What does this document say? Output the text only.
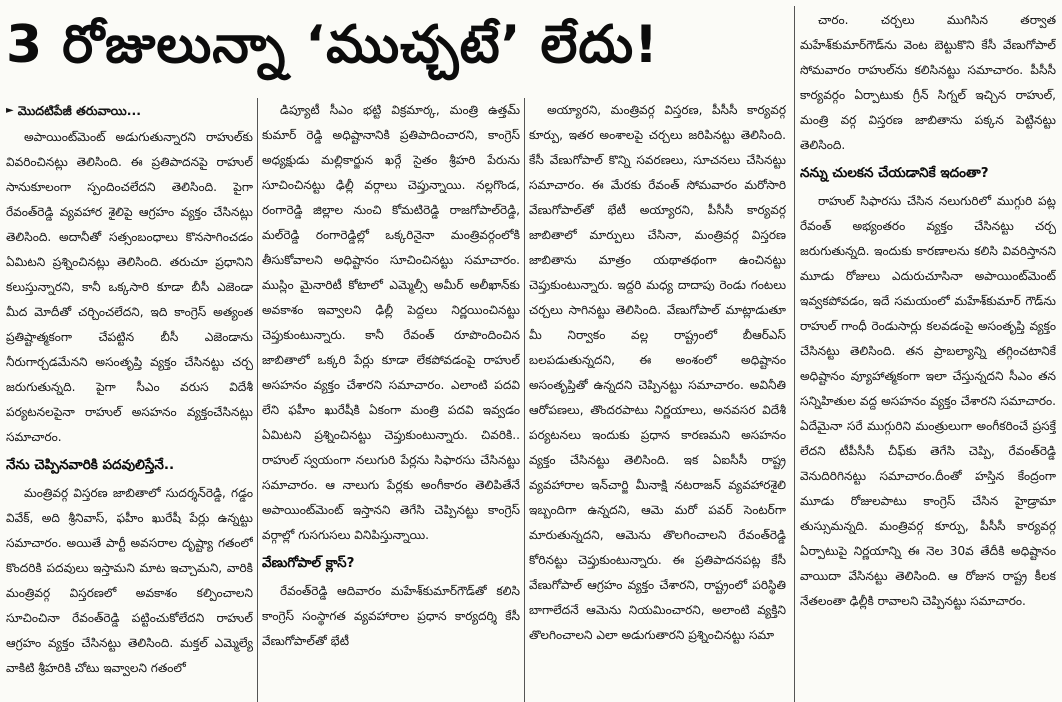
3 రోజులున్నా ‘ముచ్చటే’ లేదు!
► మొదటిపేజీ తరువాయి...

అపాయింట్‌మెంట్ అడుగుతున్నారని రాహుల్‌కు వివరించినట్లు తెలిసింది. ఈ ప్రతిపాదనపై రాహుల్ సానుకూలంగా స్పందించలేదని తెలిసింది. పైగా రేవంత్‌రెడ్డి వ్యవహార శైలిపై ఆగ్రహం వ్యక్తం చేసినట్లు తెలిసింది. అదానీతో సత్సంబంధాలు కొనసాగించడం ఏమిటని ప్రశ్నించినట్లు తెలిసింది. తరుచూ ప్రధానిని కలుస్తున్నారని, కానీ ఒక్కసారి కూడా బీసీ ఎజెండా మీద మోదీతో చర్చించలేదని, ఇది కాంగ్రెస్ అత్యంత ప్రతిష్టాత్మకంగా చేపట్టిన బీసీ ఎజెండాను నీరుగార్చడమేనని అసంతృప్తి వ్యక్తం చేసినట్టు చర్చ జరుగుతున్నది. పైగా సీఎం వరుస విదేశీ పర్యటనలపైనా రాహుల్ అసహనం వ్యక్తంచేసినట్లు సమాచారం.

నేను చెప్పినవారికి పదవులిస్తేనే..

మంత్రివర్గ విస్తరణ జాబితాలో సుదర్శన్‌రెడ్డి, గడ్డం వివేక్, అది శ్రీనివాస్, ఫహీం ఖురేషీ పేర్లు ఉన్నట్టు సమాచారం. అయితే పార్టీ అవసరాల దృష్ట్యా గతంలో కొందరికి పదవులు ఇస్తామని మాట ఇచ్చామని, వారికి మంత్రివర్గ విస్తరణలో అవకాశం కల్పించాలని సూచించినా రేవంత్‌రెడ్డి పట్టించుకోలేదని రాహుల్ ఆగ్రహం వ్యక్తం చేసినట్టు తెలిసింది. మక్తల్ ఎమ్మెల్యే వాకిటి శ్రీహరికి చోటు ఇవ్వాలని గతంలో

డిప్యూటీ సీఎం భట్టి విక్రమార్క, మంత్రి ఉత్తమ్ కుమార్ రెడ్డి అధిష్టానానికి ప్రతిపాదించారని, కాంగ్రెస్ అధ్యక్షుడు మల్లికార్జున ఖర్గే సైతం శ్రీహరి పేరును సూచించినట్టు ఢిల్లీ వర్గాలు చెప్తున్నాయి. నల్లగొండ, రంగారెడ్డి జిల్లాల నుంచి కోమటిరెడ్డి రాజగోపాల్‌రెడ్డి, మల్‌రెడ్డి రంగారెడ్డిల్లో ఒక్కరినైనా మంత్రివర్గంలోకి తీసుకోవాలని అధిష్టానం సూచించినట్టు సమాచారం. ముస్లిం మైనారిటీ కోటాలో ఎమ్మెల్సీ అమీర్ అలీఖాన్‌కు అవకాశం ఇవ్వాలని ఢిల్లీ పెద్దలు నిర్ణయించినట్టు చెప్తుకుంటున్నారు. కానీ రేవంత్ రూపొందించిన జాబితాలో ఒక్కరి పేర్లు కూడా లేకపోవడంపై రాహుల్ అసహనం వ్యక్తం చేశారని సమాచారం. ఎలాంటి పదవి లేని ఫహీం ఖురేషీకి ఏకంగా మంత్రి పదవి ఇవ్వడం ఏమిటని ప్రశ్నించినట్టు చెప్తుకుంటున్నారు. చివరికి.. రాహుల్ స్వయంగా నలుగురి పేర్లను సిఫారసు చేసినట్టు సమాచారం. ఆ నాలుగు పేర్లకు అంగీకారం తెలిపితేనే అపాయింట్‌మెంట్ ఇస్తానని తెగేసి చెప్పినట్టు కాంగ్రెస్ వర్గాల్లో గుసగుసలు వినిపిస్తున్నాయి.

వేణుగోపాల్ క్లాస్?

రేవంత్‌రెడ్డి ఆదివారం మహేశ్‌కుమార్‌గౌడ్‌తో కలిసి కాంగ్రెస్ సంస్థాగత వ్యవహారాల ప్రధాన కార్యదర్శి కేసీ వేణుగోపాల్‌తో భేటీ

అయ్యారని, మంత్రివర్గ విస్తరణ, పీసీసీ కార్యవర్గ కూర్పు, ఇతర అంశాలపై చర్చలు జరిపినట్టు తెలిసింది. కేసీ వేణుగోపాల్ కొన్ని సవరణలు, సూచనలు చేసినట్టు సమాచారం. ఈ మేరకు రేవంత్ సోమవారం మరోసారి వేణుగోపాల్‌తో భేటీ అయ్యారని, పీసీసీ కార్యవర్గ జాబితాలో మార్పులు చేసినా, మంత్రివర్గ విస్తరణ జాబితాను మాత్రం యథాతథంగా ఉంచినట్టు చెప్తుకుంటున్నారు. ఇద్దరి మధ్య దాదాపు రెండు గంటలు చర్చలు సాగినట్టు తెలిసింది. వేణుగోపాల్ మాట్లాడుతూ మీ నిర్వాకం వల్ల రాష్ట్రంలో బీఆర్ఎస్ బలపడుతున్నదని, ఈ అంశంలో అధిష్టానం అసంతృప్తితో ఉన్నదని చెప్పినట్టు సమాచారం. అవినీతి ఆరోపణలు, తొందరపాటు నిర్ణయాలు, అనవసర విదేశీ పర్యటనలు ఇందుకు ప్రధాన కారణమని అసహనం వ్యక్తం చేసినట్టు తెలిసింది. ఇక ఏఐసీసీ రాష్ట్ర వ్యవహారాల ఇన్‌చార్జి మీనాక్షి నటరాజన్ వ్యవహారశైలి ఇబ్బందిగా ఉన్నదని, ఆమె మరో పవర్ సెంటర్‌గా మారుతున్నదని, ఆమెను తొలగించాలని రేవంత్‌రెడ్డి కోరినట్టు చెప్తుకుంటున్నారు. ఈ ప్రతిపాదనపట్ల కేసీ వేణుగోపాల్ ఆగ్రహం వ్యక్తం చేశారని, రాష్ట్రంలో పరిస్థితి బాగాలేదనే ఆమెను నియమించారని, అలాంటి వ్యక్తిని తొలగించాలని ఎలా అడుగుతారని ప్రశ్నించినట్టు సమా

చారం. చర్చలు ముగిసిన తర్వాత మహేశ్‌కుమార్‌గౌడ్‌ను వెంట బెట్టుకొని కేసీ వేణుగోపాల్ సోమవారం రాహుల్‌ను కలిసినట్టు సమాచారం. పీసీసీ కార్యవర్గం ఏర్పాటుకు గ్రీన్ సిగ్నల్ ఇచ్చిన రాహుల్, మంత్రి వర్గ విస్తరణ జాబితాను పక్కన పెట్టినట్టు తెలిసింది.

నన్ను చులకన చేయడానికే ఇదంతా?

రాహుల్ సిఫారసు చేసిన నలుగురిలో ముగ్గురి పట్ల రేవంత్ అభ్యంతరం వ్యక్తం చేసినట్టు చర్చ జరుగుతున్నది. ఇందుకు కారణాలను కలిసి వివరిస్తానని మూడు రోజులు ఎదురుచూసినా అపాయింట్‌మెంట్ ఇవ్వకపోవడం, ఇదే సమయంలో మహేశ్‌కుమార్ గౌడ్‌ను రాహుల్ గాంధీ రెండుసార్లు కలవడంపై అసంతృప్తి వ్యక్తం చేసినట్టు తెలిసింది. తన ప్రాబల్యాన్ని తగ్గించటానికే అధిష్టానం వ్యూహాత్మకంగా ఇలా చేస్తున్నదని సీఎం తన సన్నిహితుల వద్ద అసహనం వ్యక్తం చేశారని సమాచారం. ఏదేమైనా సరే ముగ్గురిని మంత్రులుగా అంగీకరించే ప్రసక్తే లేదని టీపీసీసీ చీఫ్‌కు తెగేసి చెప్పి, రేవంత్‌రెడ్డి వెనుదిరిగినట్టు సమాచారం.దీంతో హస్తిన కేంద్రంగా మూడు రోజులపాటు కాంగ్రెస్ చేసిన హైడ్రామా తుస్సుమన్నది. మంత్రివర్గ కూర్పు, పీసీసీ కార్యవర్గ ఏర్పాటుపై నిర్ణయాన్ని ఈ నెల 30వ తేదీకి అధిష్టానం వాయిదా వేసినట్టు తెలిసింది. ఆ రోజున రాష్ట్ర కీలక నేతలంతా ఢిల్లీకి రావాలని చెప్పినట్టు సమాచారం.
